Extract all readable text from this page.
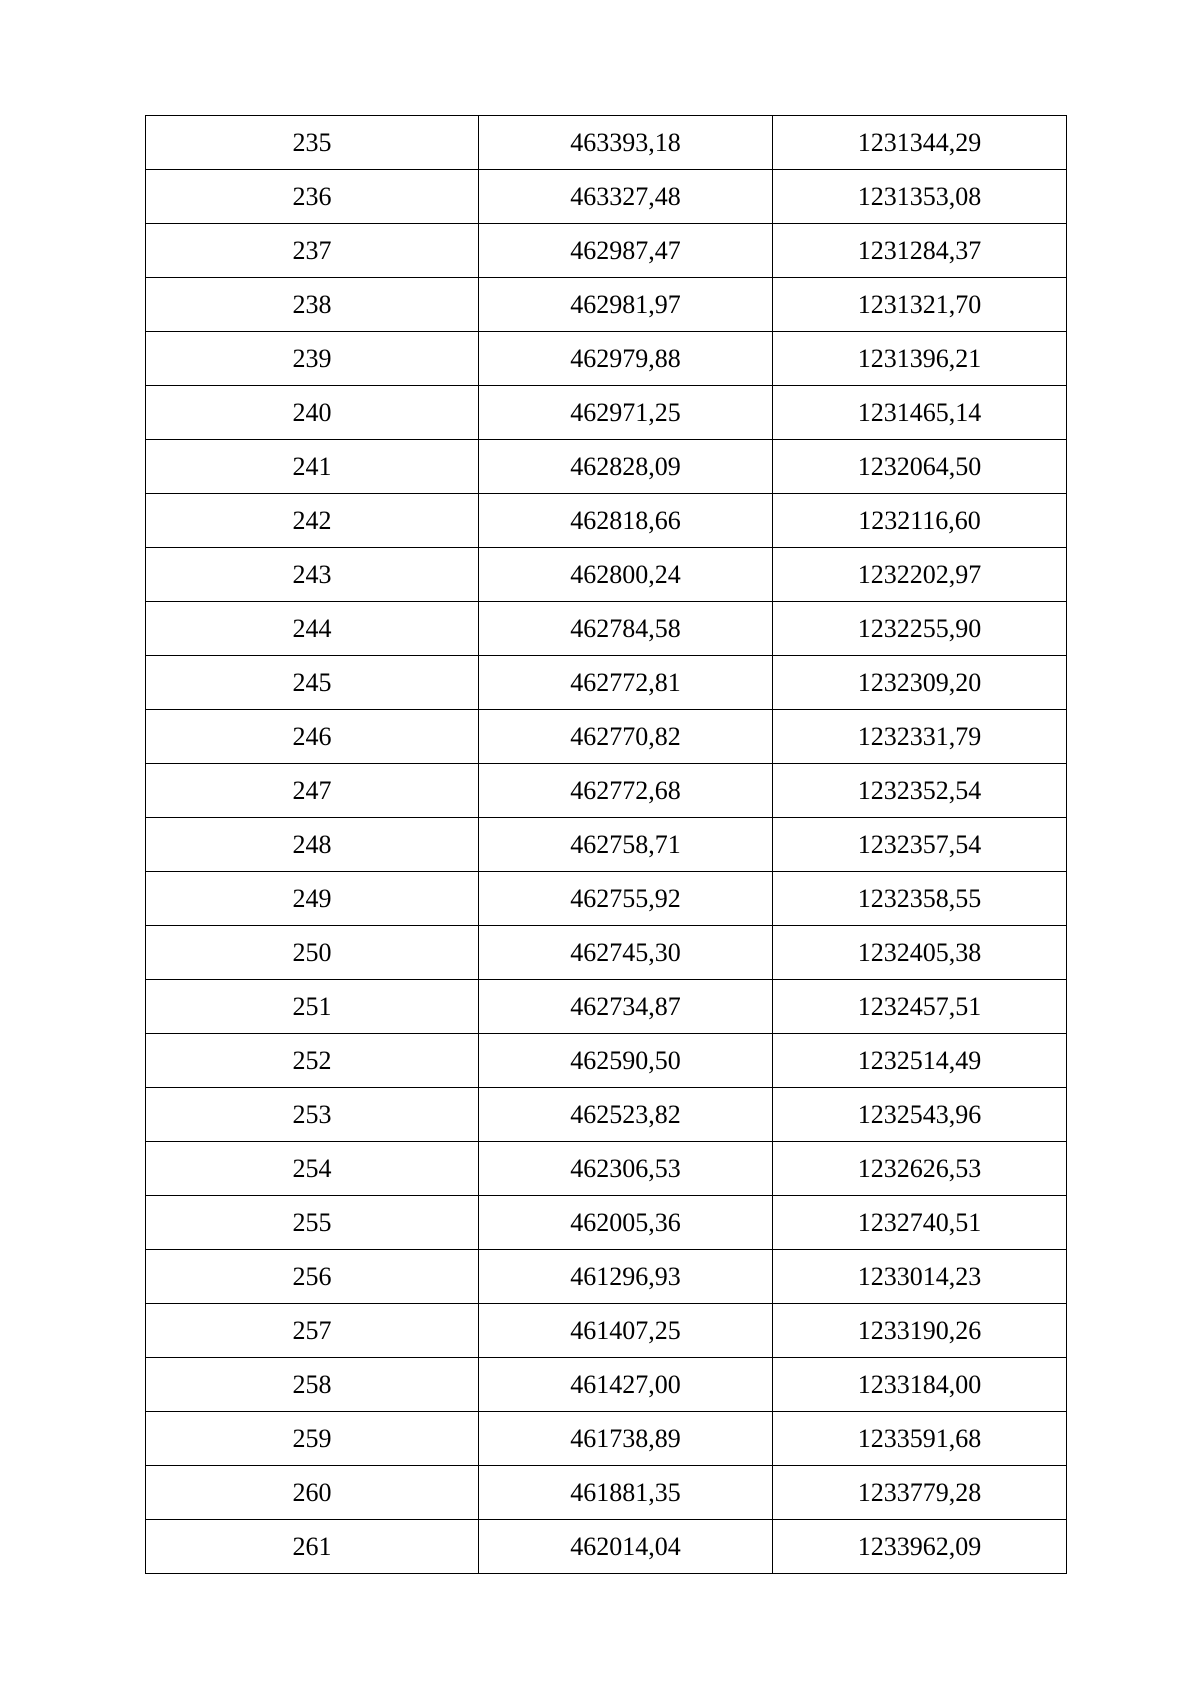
235	463393,18	1231344,29
236	463327,48	1231353,08
237	462987,47	1231284,37
238	462981,97	1231321,70
239	462979,88	1231396,21
240	462971,25	1231465,14
241	462828,09	1232064,50
242	462818,66	1232116,60
243	462800,24	1232202,97
244	462784,58	1232255,90
245	462772,81	1232309,20
246	462770,82	1232331,79
247	462772,68	1232352,54
248	462758,71	1232357,54
249	462755,92	1232358,55
250	462745,30	1232405,38
251	462734,87	1232457,51
252	462590,50	1232514,49
253	462523,82	1232543,96
254	462306,53	1232626,53
255	462005,36	1232740,51
256	461296,93	1233014,23
257	461407,25	1233190,26
258	461427,00	1233184,00
259	461738,89	1233591,68
260	461881,35	1233779,28
261	462014,04	1233962,09
